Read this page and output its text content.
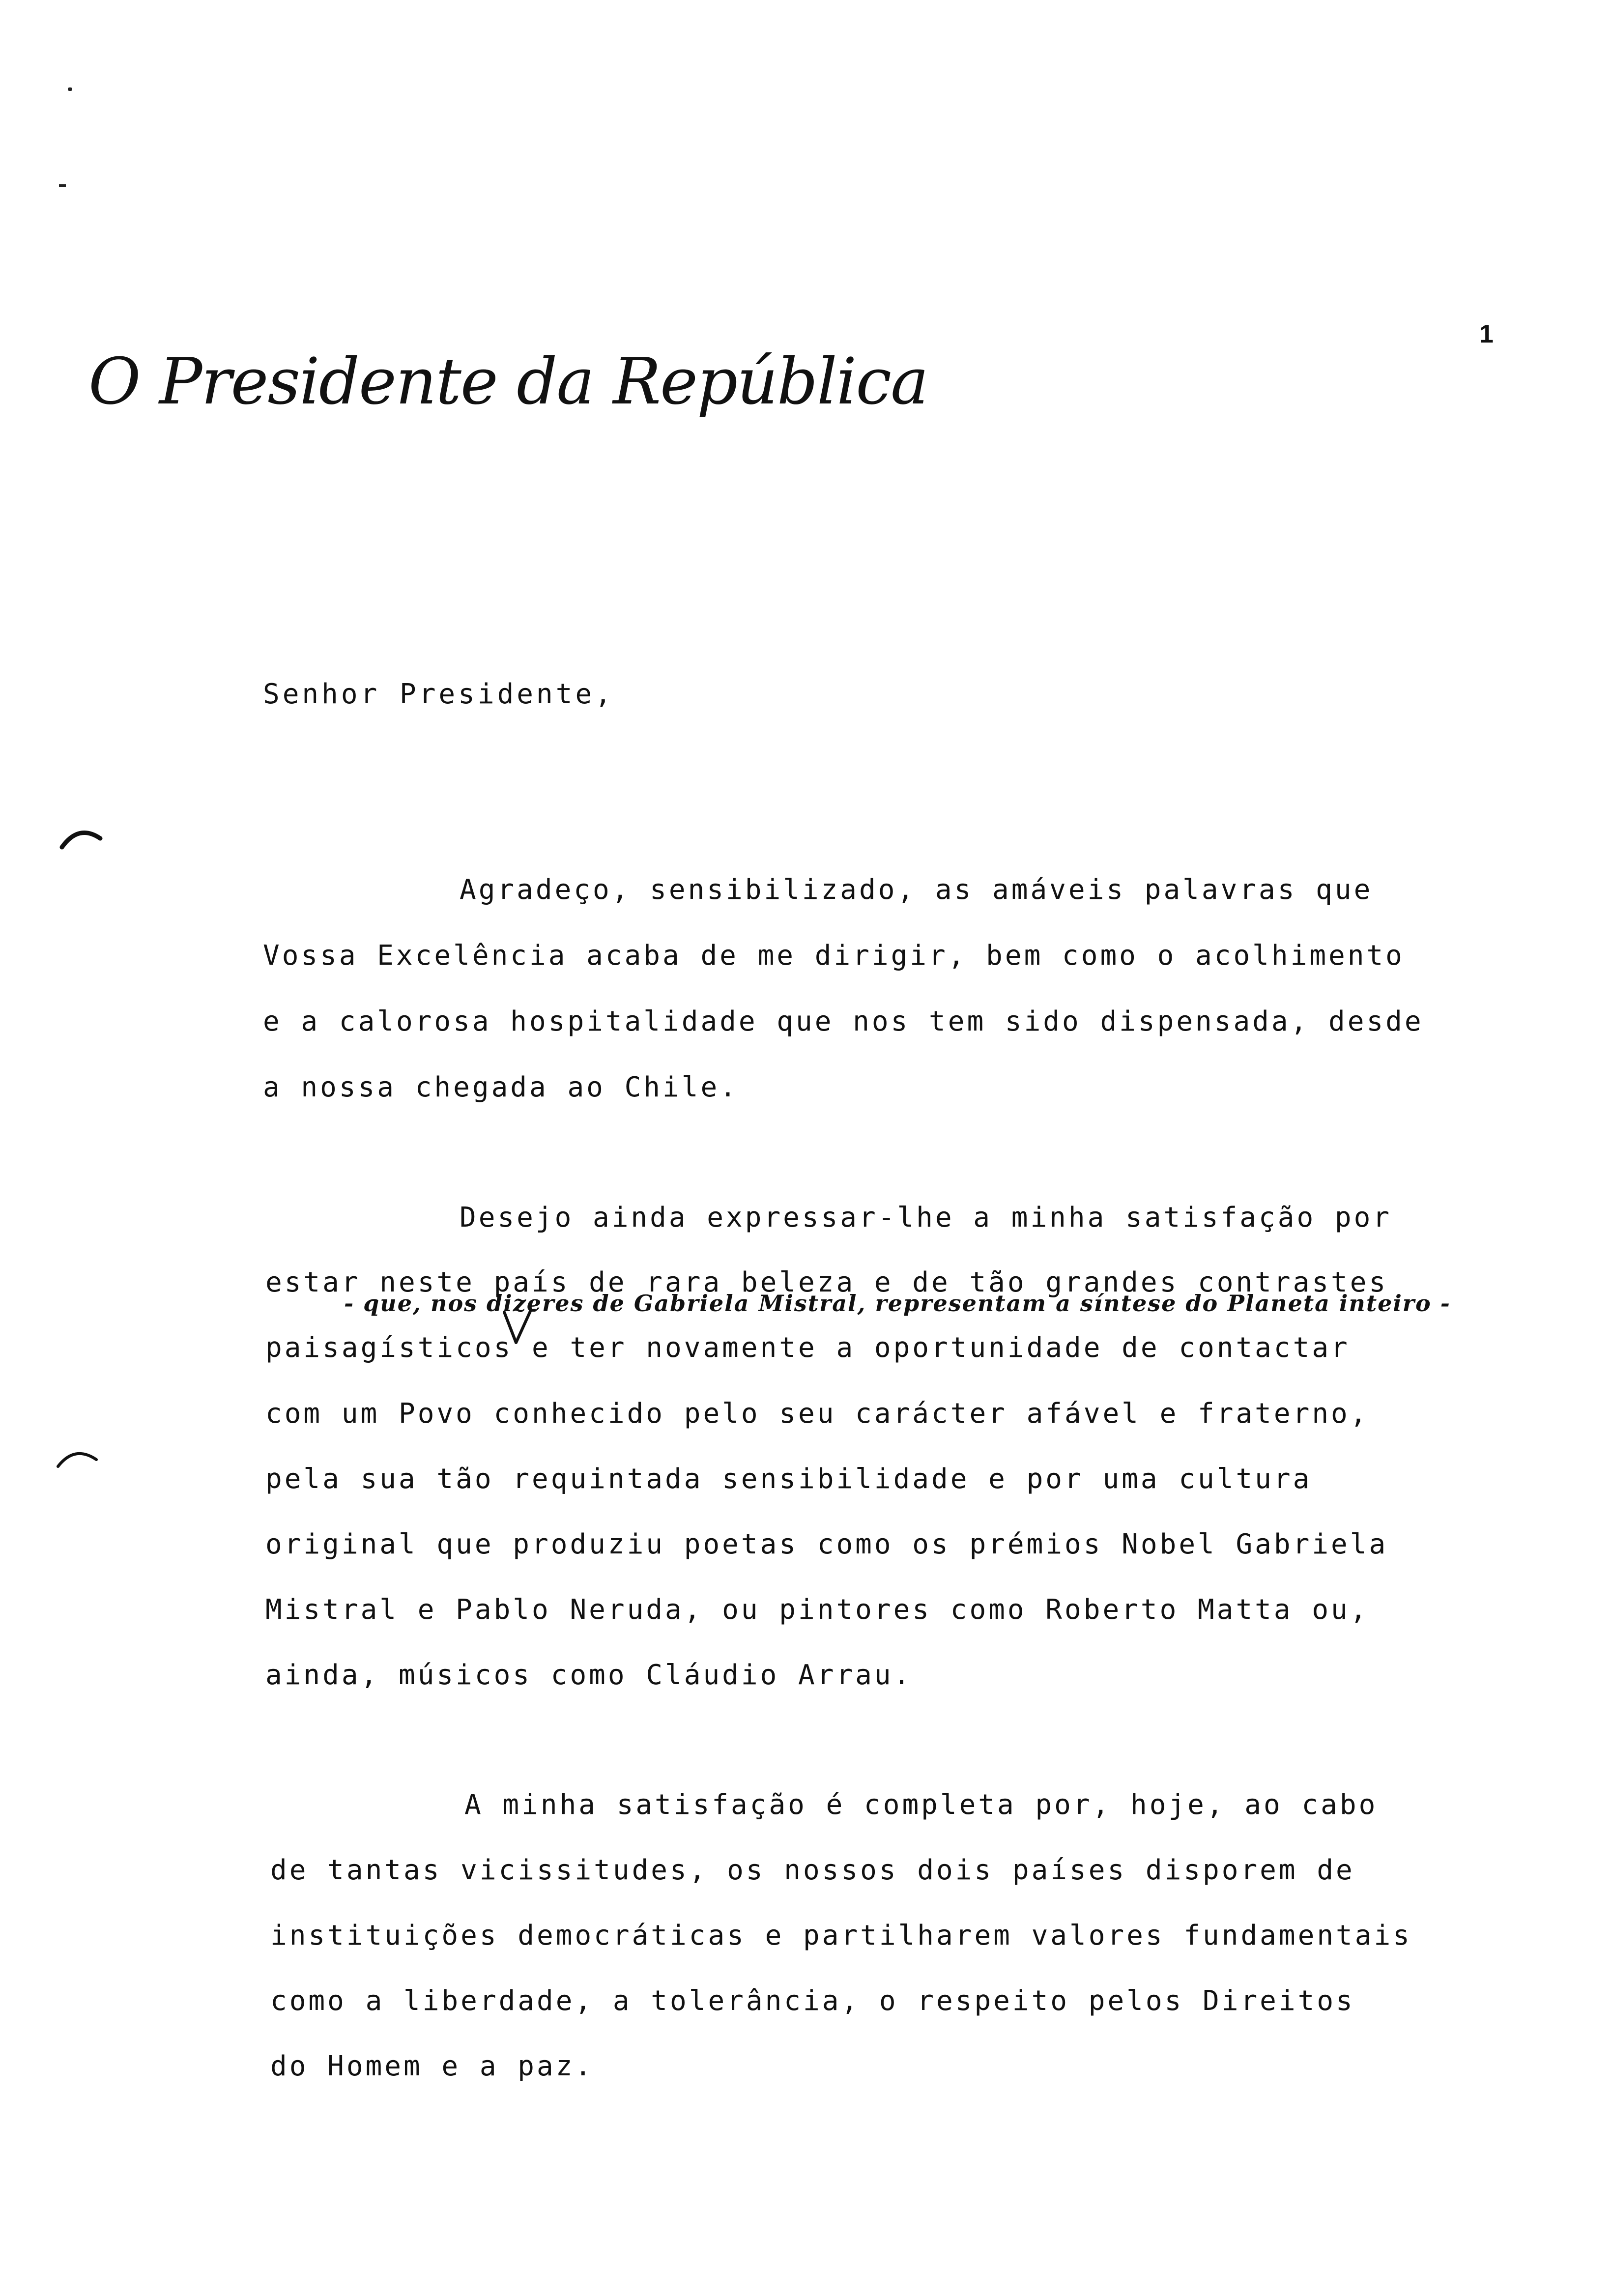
1
O Presidente da República
Senhor Presidente,
Agradeço, sensibilizado, as amáveis palavras que
Vossa Excelência acaba de me dirigir, bem como o acolhimento
e a calorosa hospitalidade que nos tem sido dispensada, desde
a nossa chegada ao Chile.
Desejo ainda expressar-lhe a minha satisfação por
estar neste país de rara beleza e de tão grandes contrastes
- que, nos dizeres de Gabriela Mistral, representam a síntese do Planeta inteiro -
paisagísticos e ter novamente a oportunidade de contactar
com um Povo conhecido pelo seu carácter afável e fraterno,
pela sua tão requintada sensibilidade e por uma cultura
original que produziu poetas como os prémios Nobel Gabriela
Mistral e Pablo Neruda, ou pintores como Roberto Matta ou,
ainda, músicos como Cláudio Arrau.
A minha satisfação é completa por, hoje, ao cabo
de tantas vicissitudes, os nossos dois países disporem de
instituições democráticas e partilharem valores fundamentais
como a liberdade, a tolerância, o respeito pelos Direitos
do Homem e a paz.
